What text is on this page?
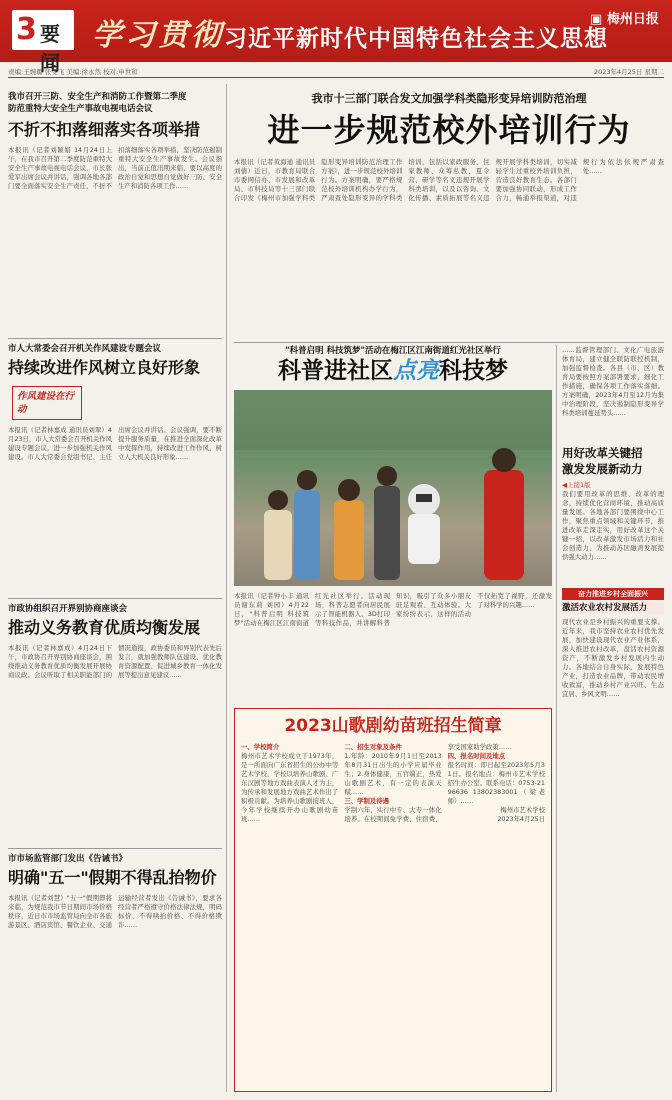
3 要闻
学习贯彻 习近平新时代中国特色社会主义思想
▣ 梅州日报
责编:王婉璐 张雯飞 美编:徐永然 校对:申世和	2023年4月25日 星期二
我市召开三防、安全生产和消防工作暨第二季度
防范重特大安全生产事故电视电话会议
不折不扣落细落实各项举措
本报讯（记者刘颖娟 14月24日上午，在我市召开第二季度防范重特大安全生产事故电视电话会议，市长张爱军出席会议并讲话，强调各地各部门要全面落实安全生产责任，不折不扣落细落实各项举措，坚决防范遏制重特大安全生产事故发生。会议指出，当前正值汛期来临，要以高度的政治自觉和思想自觉做好三防、安全生产和消防各项工作……
市人大常委会召开机关作风建设专题会议
持续改进作风树立良好形象
作风建设在行动
本报讯（记者林嘉成 通讯员刘翠）4月23日，市人大常委会召开机关作风建设专题会议，进一步加强机关作风建设。市人大常委会党组书记、主任出席会议并讲话。会议强调，要不断提升服务质量，在推进全面深化改革中发挥作用，持续改进工作作风，树立人大机关良好形象……
市政协组织召开界别协商座谈会
推动义务教育优质均衡发展
本报讯（记者林嘉成）4月24日下午，市政协召开界别协商座谈会，围绕推动义务教育优质均衡发展开展协商议政。会议听取了相关职能部门的情况通报，政协委员和界别代表先后发言，就加强教师队伍建设、优化教育资源配置、促进城乡教育一体化发展等提出意见建议……
市市场监管部门发出《告诫书》
明确"五一"假期不得乱抬物价
本报讯（记者刘慧）"五一"假期即将来临，为规范我市节日期间市场价格秩序，近日市市场监管局向全市各旅游景区、酒店宾馆、餐饮企业、交通运输经营者发出《告诫书》，要求各经营者严格遵守价格法律法规，明码标价，不得哄抬价格、不得价格欺诈……
我市十三部门联合发文加强学科类隐形变异培训防范治理
进一步规范校外培训行为
本报讯（记者黄海通 通讯员刘倩）近日，市教育局联合市委网信办、市发展和改革局、市科技局等十三部门联合印发《梅州市加强学科类隐形变异培训防范治理工作方案》，进一步规范校外培训行为。方案明确，要严格规范校外培训机构办学行为，严肃查处隐形变异的学科类培训，包括以家政服务、住家教师、众筹私教、夏令营、研学等名义违规开展学科类培训，以及以咨询、文化传播、素质拓展等名义违规开展学科类培训，切实减轻学生过重校外培训负担，营造良好教育生态。各部门要加强协同联动，形成工作合力，畅通举报渠道，对违规行为依法依规严肃查处……
"科普启明 科技筑梦"活动在梅江区江南街道红光社区举行
科普进社区点亮科技梦
本报讯（记者钟小丰 通讯员谢东莉 刘园）4月22日，"科普启明 科技筑梦"活动在梅江区江南街道红光社区举行。活动现场，科普志愿者向居民展示了智能机器人、3D打印等科技作品，并讲解科普知识，吸引了众多小朋友驻足观看、互动体验。大家纷纷表示，这样的活动不仅拓宽了视野，还激发了对科学的兴趣……
……监督管理部门、文化广电旅游体育局，建立健全联防联控机制，加强监督检查。各县（市、区）教育局要按照方案部署要求，细化工作措施，确保各项工作落实落细。方案明确，2023年4月至12月为集中治理阶段，坚决遏制隐形变异学科类培训蔓延势头……
用好改革关键招
激发发展新动力
◀上接1版
我们要用改革的思维、改革的理念，持续优化营商环境，推动高质量发展。各地各部门要围绕中心工作，聚焦重点领域和关键环节，推进改革走深走实，用好改革这个关键一招，以改革激发市场活力和社会创造力，为推动苏区融湾发展提供强大动力……
奋力推进乡村全面振兴
激活农业农村发展活力
现代农业是乡村振兴的重要支撑。近年来，我市坚持农业农村优先发展，加快建设现代农业产业体系，深入推进农村改革，盘活农村资源资产，不断激发乡村发展内生动力。各地结合自身实际，发展特色产业，打造农业品牌，带动农民增收致富，推动乡村产业兴旺、生态宜居、乡风文明……
2023山歌剧幼苗班招生简章
一、学校简介
梅州市艺术学校成立于1973年，是一所面向广东省招生的公办中等艺术学校，学校以培养山歌剧、广东汉剧等地方戏曲表演人才为主，为传承和发展地方戏曲艺术作出了积极贡献。为培养山歌剧接班人，今年学校继续开办山歌剧幼苗班……
二、招生对象及条件
1.年龄：2010年9月1日至2013年8月31日出生的小学应届毕业生；2.身体健康，五官端正，热爱山歌剧艺术，有一定的表演天赋……
三、学制及待遇
学制六年，实行中专、大专一体化培养。在校期间免学费、住宿费，享受国家助学政策……
四、报名时间及地点
报名时间：即日起至2023年5月31日。报名地点：梅州市艺术学校招生办公室。联系电话：0753-2196636 13802383001（梁老师）……
梅州市艺术学校
2023年4月25日
